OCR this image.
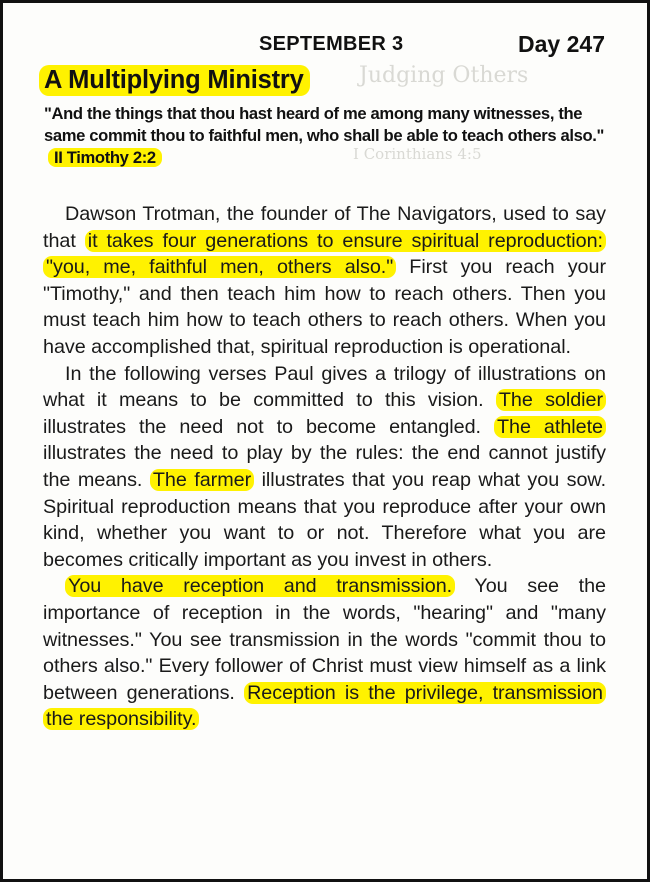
Judging Others
I Corinthians 4:5
SEPTEMBER 3	Day 247
A Multiplying Ministry
"And the things that thou hast heard of me among many witnesses, the same commit thou to faithful men, who shall be able to teach others also." II Timothy 2:2

Dawson Trotman, the founder of The Navigators, used to say that it takes four generations to ensure spiritual reproduction: "you, me, faithful men, others also." First you reach your "Timothy," and then teach him how to reach others. Then you must teach him how to teach others to reach others. When you have accomplished that, spiritual reproduction is operational.

In the following verses Paul gives a trilogy of illustrations on what it means to be committed to this vision. The soldier illustrates the need not to become entangled. The athlete illustrates the need to play by the rules: the end cannot justify the means. The farmer illustrates that you reap what you sow. Spiritual reproduction means that you reproduce after your own kind, whether you want to or not. Therefore what you are becomes critically important as you invest in others.

You have reception and transmission. You see the importance of reception in the words, "hearing" and "many witnesses." You see transmission in the words "commit thou to others also." Every follower of Christ must view himself as a link between generations. Reception is the privilege, transmission the responsibility.
